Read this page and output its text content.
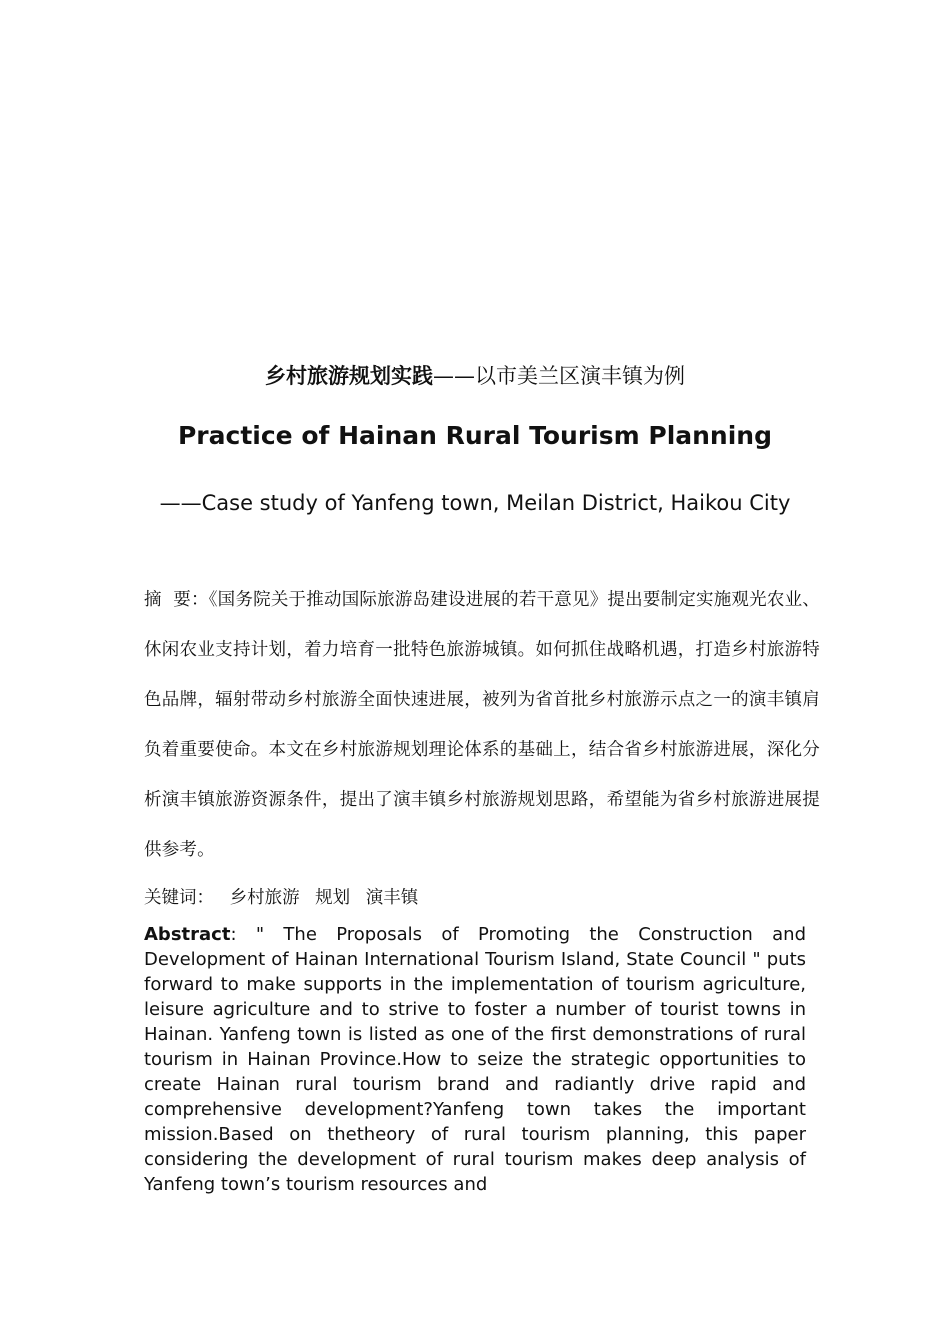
乡村旅游规划实践——以市美兰区演丰镇为例
Practice of Hainan Rural Tourism Planning
——Case study of Yanfeng town, Meilan District, Haikou City
摘  要：《国务院关于推动国际旅游岛建设进展的若干意见》提出要制定实施观光农业、休闲农业支持计划，着力培育一批特色旅游城镇。如何抓住战略机遇，打造乡村旅游特色品牌，辐射带动乡村旅游全面快速进展，被列为省首批乡村旅游示点之一的演丰镇肩负着重要使命。本文在乡村旅游规划理论体系的基础上，结合省乡村旅游进展，深化分析演丰镇旅游资源条件，提出了演丰镇乡村旅游规划思路，希望能为省乡村旅游进展提供参考。
关键词： 乡村旅游 规划 演丰镇
Abstract: " The Proposals of Promoting the Construction and Development of Hainan International Tourism Island, State Council " puts forward to make supports in the implementation of tourism agriculture, leisure agriculture and to strive to foster a number of tourist towns in Hainan. Yanfeng town is listed as one of the first demonstrations of rural tourism in Hainan Province.How to seize the strategic opportunities to create Hainan rural tourism brand and radiantly drive rapid and comprehensive development?Yanfeng town takes the important mission.Based on thetheory of rural tourism planning, this paper considering the development of rural tourism makes deep analysis of Yanfeng town’s tourism resources and
